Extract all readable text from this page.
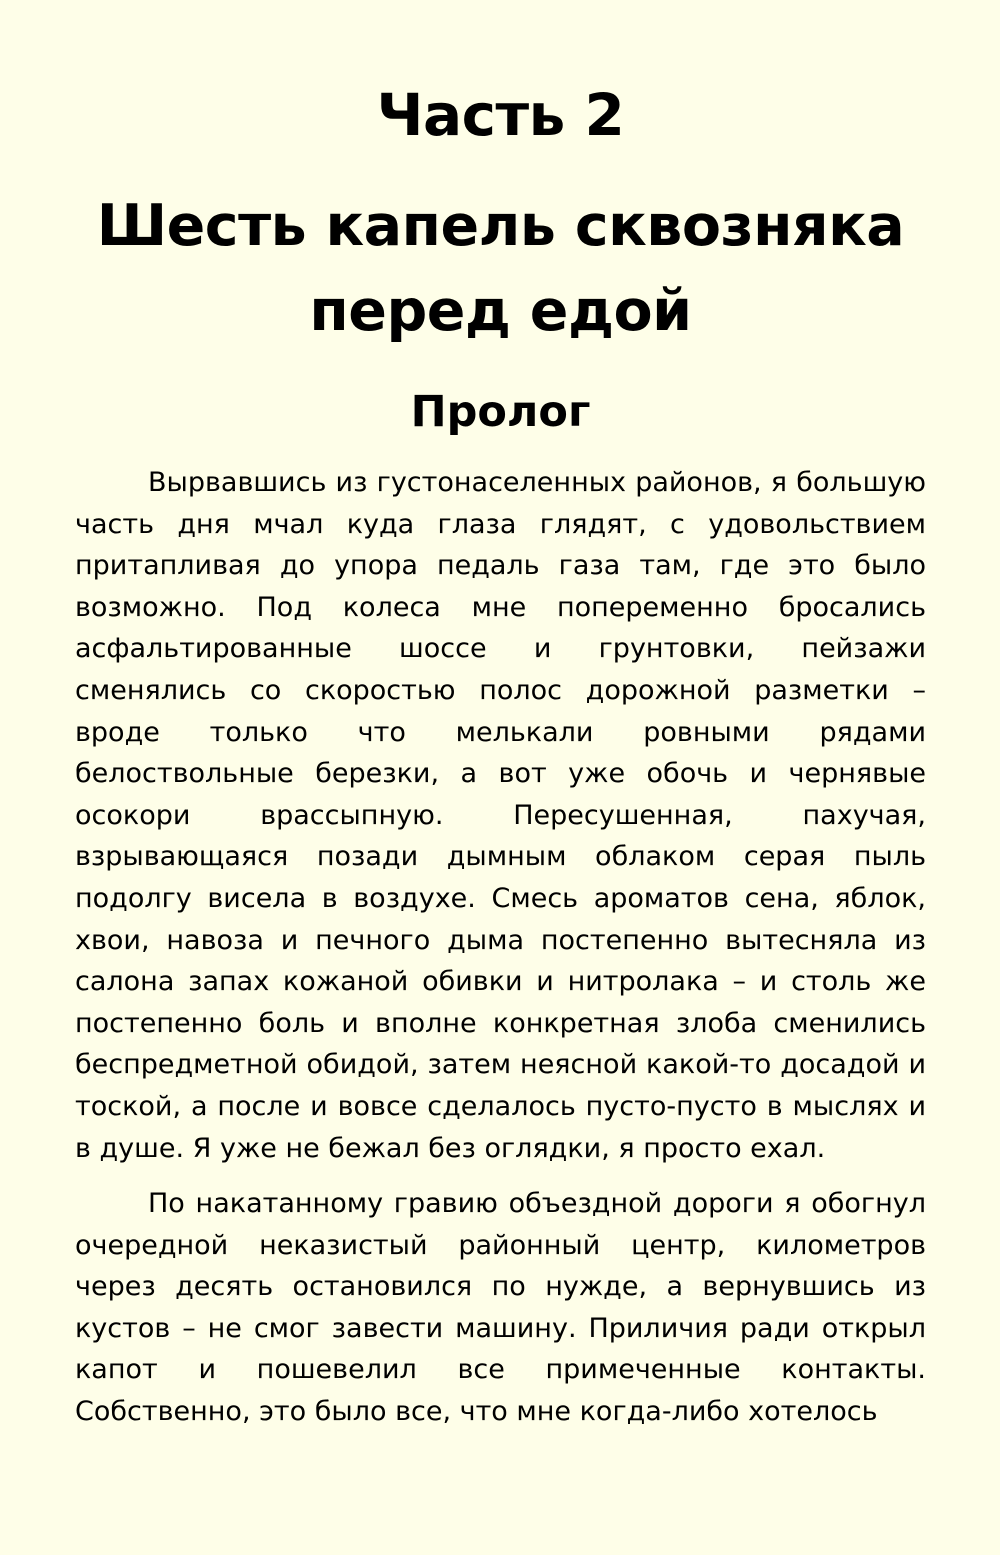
Часть 2
Шесть капель сквозняка
перед едой
Пролог

Вырвавшись из густонаселенных районов, я большую часть дня мчал куда глаза глядят, с удовольствием притапливая до упора педаль газа там, где это было возможно. Под колеса мне попеременно бросались асфальтированные шоссе и грунтовки, пейзажи сменялись со скоростью полос дорожной разметки – вроде только что мелькали ровными рядами белоствольные березки, а вот уже обочь и чернявые осокори врассыпную. Пересушенная, пахучая, взрывающаяся позади дымным облаком серая пыль подолгу висела в воздухе. Смесь ароматов сена, яблок, хвои, навоза и печного дыма постепенно вытесняла из салона запах кожаной обивки и нитролака – и столь же постепенно боль и вполне конкретная злоба сменились беспредметной обидой, затем неясной какой-то досадой и тоской, а после и вовсе сделалось пусто-пусто в мыслях и в душе. Я уже не бежал без оглядки, я просто ехал.

По накатанному гравию объездной дороги я обогнул очередной неказистый районный центр, километров через десять остановился по нужде, а вернувшись из кустов – не смог завести машину. Приличия ради открыл капот и пошевелил все примеченные контакты. Собственно, это было все, что мне когда-либо хотелось
